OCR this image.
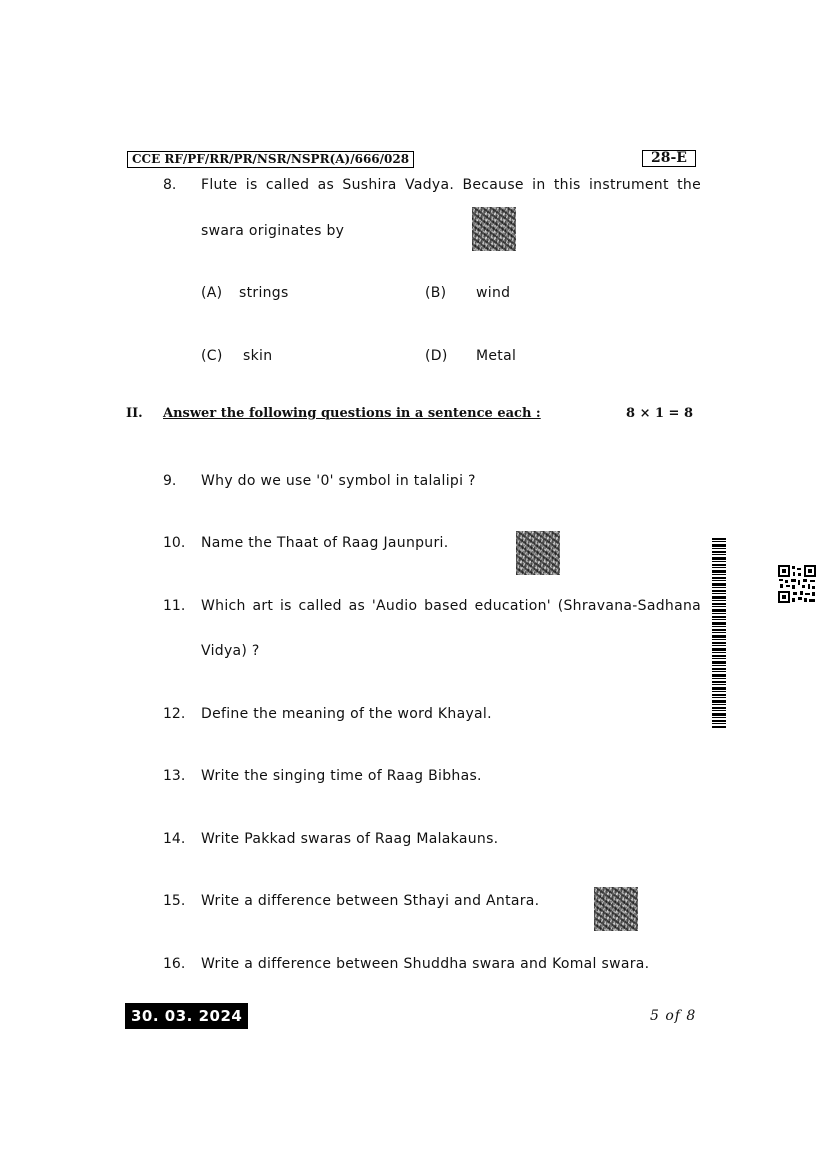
CCE RF/PF/RR/PR/NSR/NSPR(A)/666/028	28-E
8. Flute is called as Sushira Vadya. Because in this instrument the
swara originates by
(A) strings	(B) wind
(C) skin	(D) Metal
II. Answer the following questions in a sentence each :	8 × 1 = 8
9. Why do we use '0' symbol in talalipi ?
10. Name the Thaat of Raag Jaunpuri.
11. Which art is called as 'Audio based education' (Shravana-Sadhana
Vidya) ?
12. Define the meaning of the word Khayal.
13. Write the singing time of Raag Bibhas.
14. Write Pakkad swaras of Raag Malakauns.
15. Write a difference between Sthayi and Antara.
16. Write a difference between Shuddha swara and Komal swara.
30. 03. 2024	5 of 8
